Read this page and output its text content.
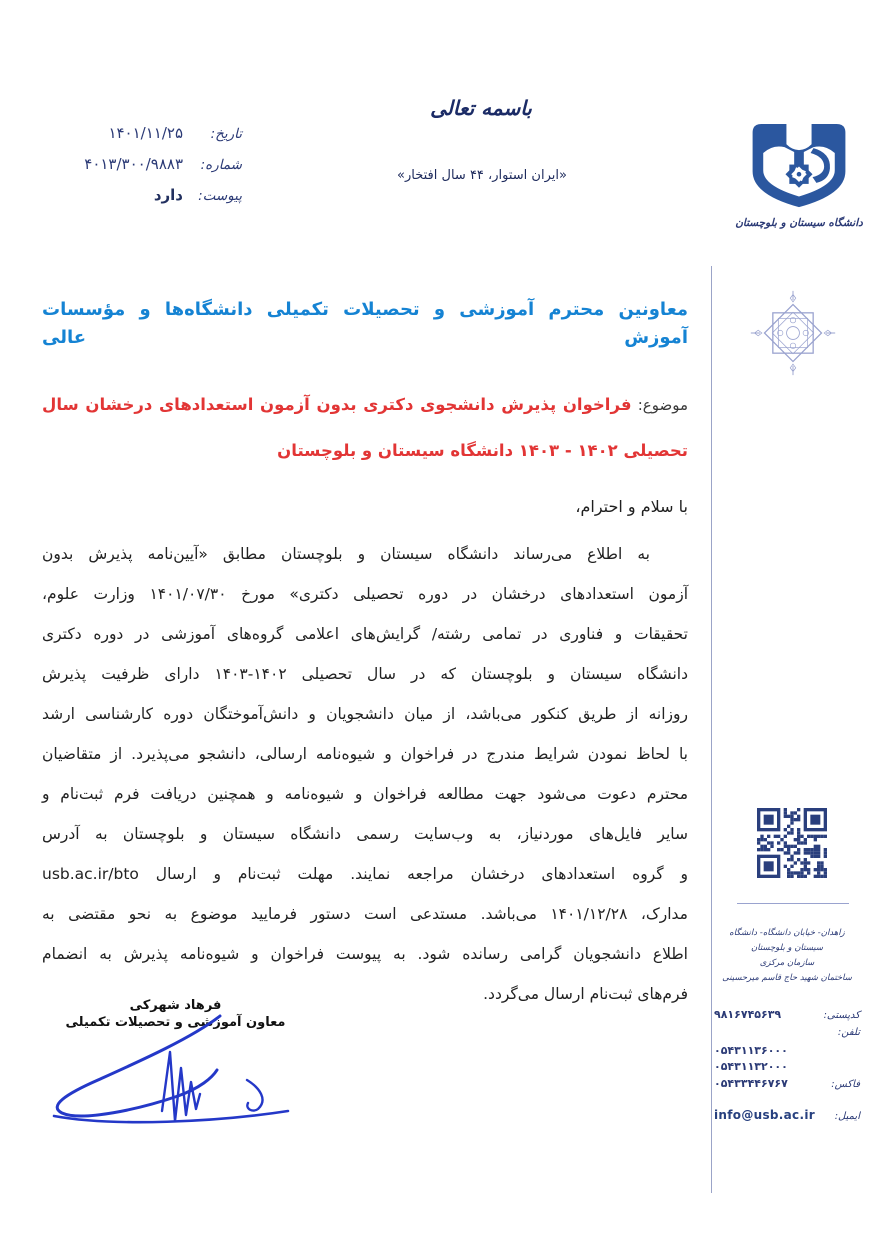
تاریخ:
۱۴۰۱/۱۱/۲۵
شماره:
۴۰۱۳/۳۰۰/۹۸۸۳
پیوست:
دارد
باسمه تعالی
«ایران استوار، ۴۴ سال افتخار»
دانشگاه سیستان و بلوچستان
زاهدان- خیابان دانشگاه- دانشگاه سیستان و بلوچستان
سازمان مرکزی
ساختمان شهید حاج قاسم میرحسینی
کدپستی:
۹۸۱۶۷۴۵۶۳۹
تلفن:
۰۵۴۳۱۱۳۶۰۰۰
۰۵۴۳۱۱۳۲۰۰۰
فاکس:
۰۵۴۳۳۴۴۶۷۶۷
ایمیل:
info@usb.ac.ir
معاونین محترم آموزشی و تحصیلات تکمیلی دانشگاه‌ها و مؤسسات آموزش عالی
موضوع: فراخوان پذیرش دانشجوی دکتری بدون آزمون استعدادهای درخشان سال تحصیلی ۱۴۰۲ - ۱۴۰۳ دانشگاه سیستان و بلوچستان
با سلام و احترام،
به اطلاع می‌رساند دانشگاه سیستان و بلوچستان مطابق «آیین‌نامه پذیرش بدون
آزمون استعدادهای درخشان در دوره تحصیلی دکتری» مورخ ۱۴۰۱/۰۷/۳۰ وزارت علوم،
تحقیقات و فناوری در تمامی رشته/ گرایش‌های اعلامی گروه‌های آموزشی در دوره دکتری
دانشگاه سیستان و بلوچستان که در سال تحصیلی ۱۴۰۲-۱۴۰۳ دارای ظرفیت پذیرش
روزانه از طریق کنکور می‌باشد، از میان دانشجویان و دانش‌آموختگان دوره کارشناسی ارشد
با لحاظ نمودن شرایط مندرج در فراخوان و شیوه‌نامه ارسالی، دانشجو می‌پذیرد. از متقاضیان
محترم دعوت می‌شود جهت مطالعه فراخوان و شیوه‌نامه و همچنین دریافت فرم ثبت‌نام و
سایر فایل‌های موردنیاز، به وب‌سایت رسمی دانشگاه سیستان و بلوچستان به آدرس
و گروه استعدادهای درخشان مراجعه نمایند. مهلت ثبت‌نام و ارسال usb.ac.ir/bto
مدارک، ۱۴۰۱/۱۲/۲۸ می‌باشد. مستدعی است دستور فرمایید موضوع به نحو مقتضی به
اطلاع دانشجویان گرامی رسانده شود. به پیوست فراخوان و شیوه‌نامه پذیرش به انضمام
فرم‌های ثبت‌نام ارسال می‌گردد.
فرهاد شهرکی
معاون آموزشی و تحصیلات تکمیلی
